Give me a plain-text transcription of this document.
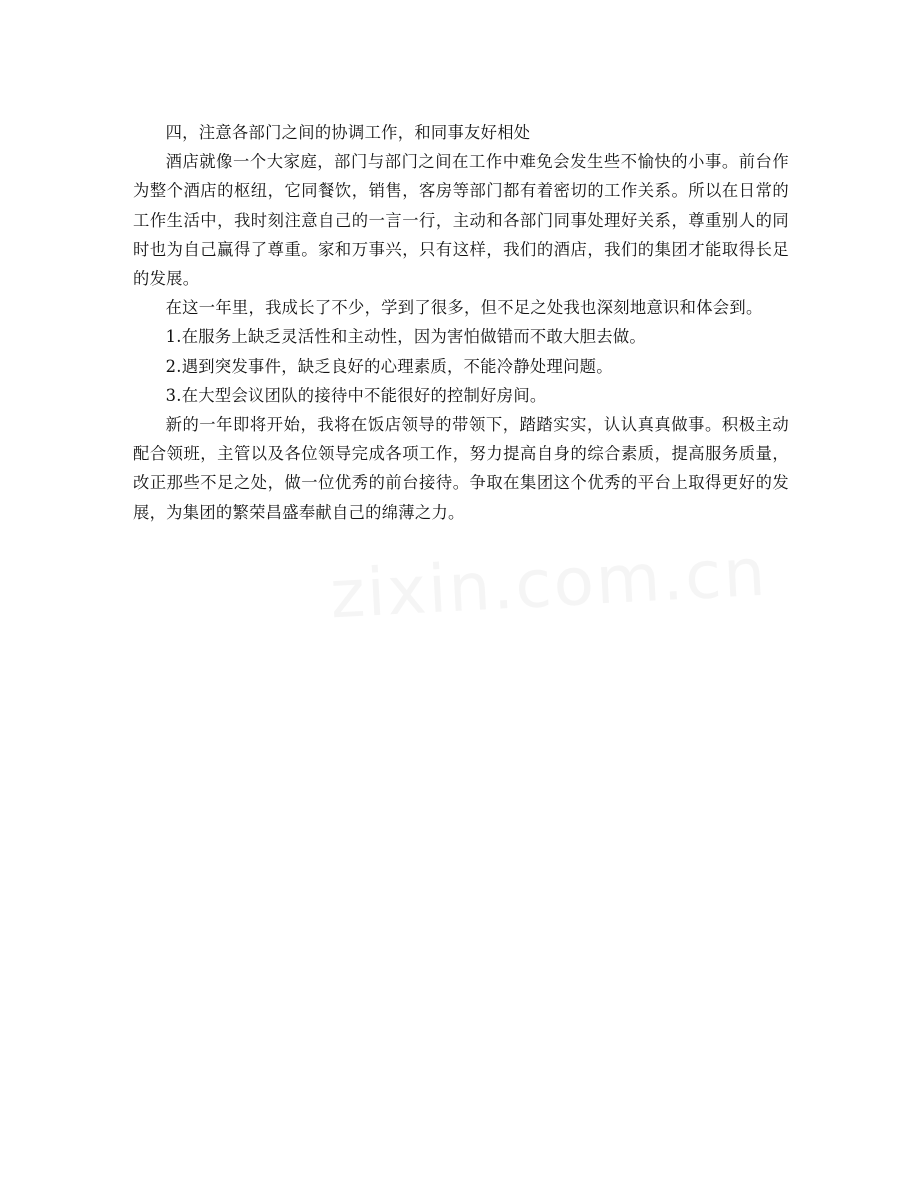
四，注意各部门之间的协调工作，和同事友好相处

酒店就像一个大家庭，部门与部门之间在工作中难免会发生些不愉快的小事。前台作为整个酒店的枢纽，它同餐饮，销售，客房等部门都有着密切的工作关系。所以在日常的工作生活中，我时刻注意自己的一言一行，主动和各部门同事处理好关系，尊重别人的同时也为自己赢得了尊重。家和万事兴，只有这样，我们的酒店，我们的集团才能取得长足的发展。

在这一年里，我成长了不少，学到了很多，但不足之处我也深刻地意识和体会到。

1.在服务上缺乏灵活性和主动性，因为害怕做错而不敢大胆去做。

2.遇到突发事件，缺乏良好的心理素质，不能冷静处理问题。

3.在大型会议团队的接待中不能很好的控制好房间。

新的一年即将开始，我将在饭店领导的带领下，踏踏实实，认认真真做事。积极主动配合领班，主管以及各位领导完成各项工作，努力提高自身的综合素质，提高服务质量，改正那些不足之处，做一位优秀的前台接待。争取在集团这个优秀的平台上取得更好的发展，为集团的繁荣昌盛奉献自己的绵薄之力。

zixin.com.cn
